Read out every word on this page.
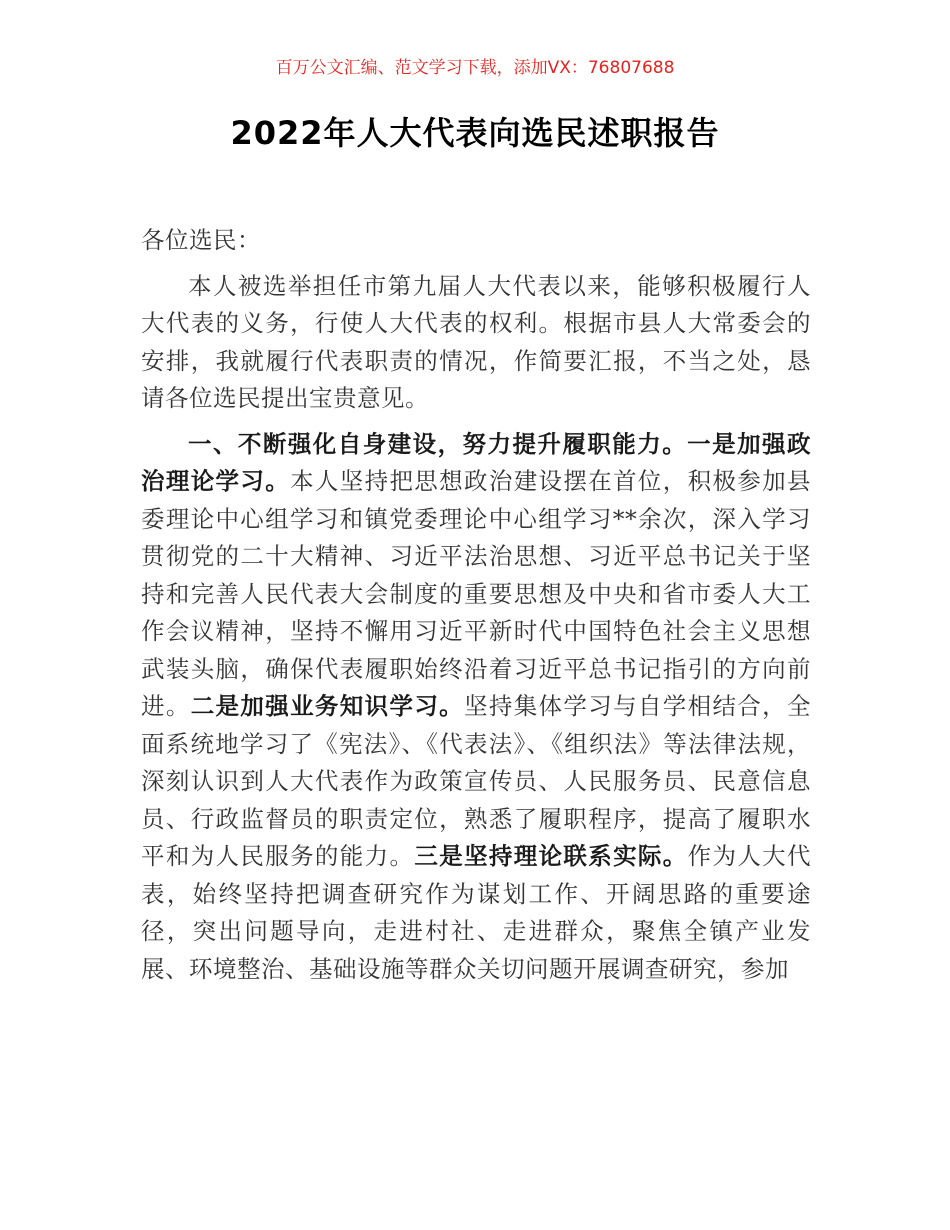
百万公文汇编、范文学习下载，添加VX：76807688
2022年人大代表向选民述职报告

各位选民：

本人被选举担任市第九届人大代表以来，能够积极履行人大代表的义务，行使人大代表的权利。根据市县人大常委会的安排，我就履行代表职责的情况，作简要汇报，不当之处，恳请各位选民提出宝贵意见。

一、不断强化自身建设，努力提升履职能力。一是加强政治理论学习。本人坚持把思想政治建设摆在首位，积极参加县委理论中心组学习和镇党委理论中心组学习**余次，深入学习贯彻党的二十大精神、习近平法治思想、习近平总书记关于坚持和完善人民代表大会制度的重要思想及中央和省市委人大工作会议精神，坚持不懈用习近平新时代中国特色社会主义思想武装头脑，确保代表履职始终沿着习近平总书记指引的方向前进。二是加强业务知识学习。坚持集体学习与自学相结合，全面系统地学习了《宪法》、《代表法》、《组织法》等法律法规，深刻认识到人大代表作为政策宣传员、人民服务员、民意信息员、行政监督员的职责定位，熟悉了履职程序，提高了履职水平和为人民服务的能力。三是坚持理论联系实际。作为人大代表，始终坚持把调查研究作为谋划工作、开阔思路的重要途径，突出问题导向，走进村社、走进群众，聚焦全镇产业发展、环境整治、基础设施等群众关切问题开展调查研究，参加
